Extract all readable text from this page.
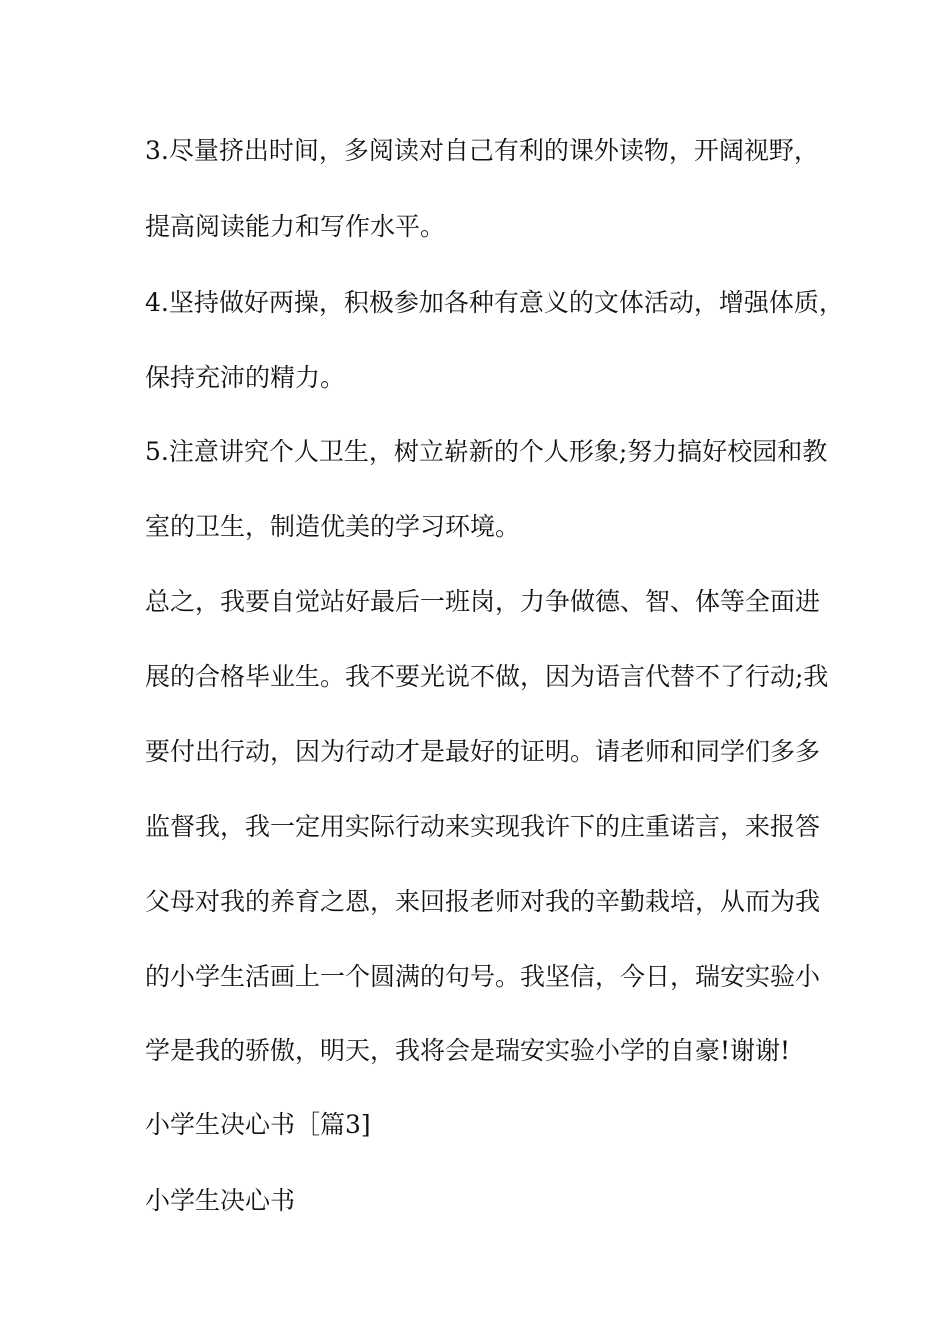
3.尽量挤出时间，多阅读对自己有利的课外读物，开阔视野，
提高阅读能力和写作水平。
4.坚持做好两操，积极参加各种有意义的文体活动，增强体质，
保持充沛的精力。
5.注意讲究个人卫生，树立崭新的个人形象;努力搞好校园和教
室的卫生，制造优美的学习环境。
总之，我要自觉站好最后一班岗，力争做德、智、体等全面进
展的合格毕业生。我不要光说不做，因为语言代替不了行动;我
要付出行动，因为行动才是最好的证明。请老师和同学们多多
监督我，我一定用实际行动来实现我许下的庄重诺言，来报答
父母对我的养育之恩，来回报老师对我的辛勤栽培，从而为我
的小学生活画上一个圆满的句号。我坚信，今日，瑞安实验小
学是我的骄傲，明天，我将会是瑞安实验小学的自豪!谢谢!
小学生决心书［篇3]
小学生决心书
